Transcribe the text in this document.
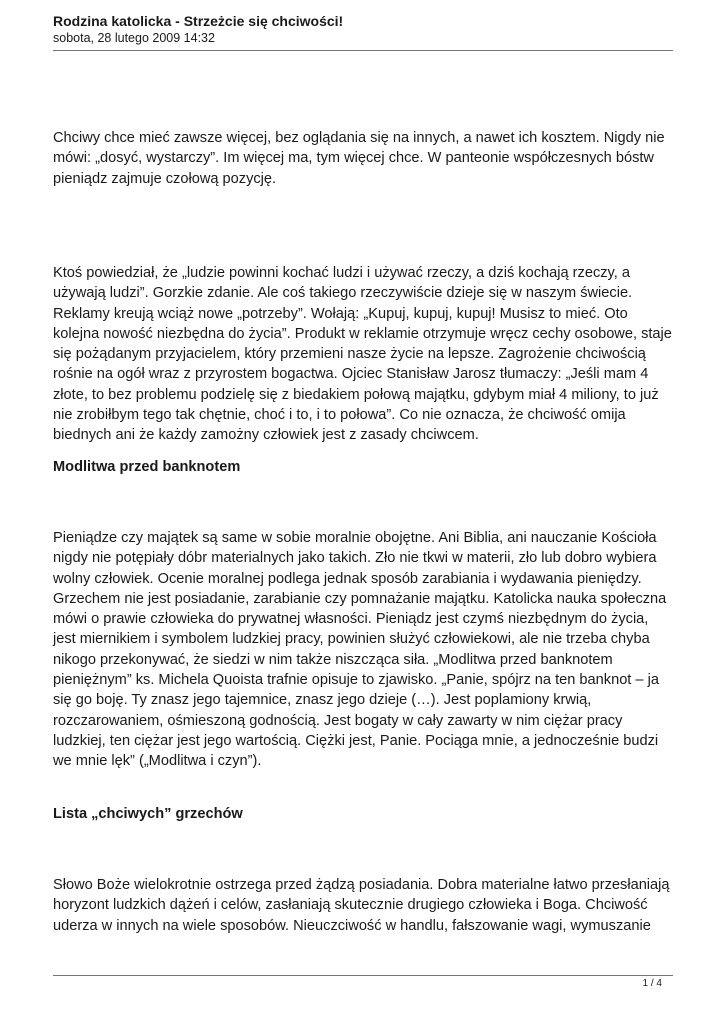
Rodzina katolicka - Strzeżcie się chciwości!

sobota, 28 lutego 2009 14:32

Chciwy chce mieć zawsze więcej, bez oglądania się na innych, a nawet ich kosztem. Nigdy nie mówi: „dosyć, wystarczy”. Im więcej ma, tym więcej chce. W panteonie współczesnych bóstw pieniądz zajmuje czołową pozycję.

Ktoś powiedział, że „ludzie powinni kochać ludzi i używać rzeczy, a dziś kochają rzeczy, a używają ludzi”. Gorzkie zdanie. Ale coś takiego rzeczywiście dzieje się w naszym świecie. Reklamy kreują wciąż nowe „potrzeby”. Wołają: „Kupuj, kupuj, kupuj! Musisz to mieć. Oto kolejna nowość niezbędna do życia”. Produkt w reklamie otrzymuje wręcz cechy osobowe, staje się pożądanym przyjacielem, który przemieni nasze życie na lepsze. Zagrożenie chciwością rośnie na ogół wraz z przyrostem bogactwa. Ojciec Stanisław Jarosz tłumaczy: „Jeśli mam 4 złote, to bez problemu podzielę się z biedakiem połową majątku, gdybym miał 4 miliony, to już nie zrobiłbym tego tak chętnie, choć i to, i to połowa”. Co nie oznacza, że chciwość omija biednych ani że każdy zamożny człowiek jest z zasady chciwcem.

Modlitwa przed banknotem

Pieniądze czy majątek są same w sobie moralnie obojętne. Ani Biblia, ani nauczanie Kościoła nigdy nie potępiały dóbr materialnych jako takich. Zło nie tkwi w materii, zło lub dobro wybiera wolny człowiek. Ocenie moralnej podlega jednak sposób zarabiania i wydawania pieniędzy. Grzechem nie jest posiadanie, zarabianie czy pomnażanie majątku. Katolicka nauka społeczna mówi o prawie człowieka do prywatnej własności. Pieniądz jest czymś niezbędnym do życia, jest miernikiem i symbolem ludzkiej pracy, powinien służyć człowiekowi, ale nie trzeba chyba nikogo przekonywać, że siedzi w nim także niszcząca siła. „Modlitwa przed banknotem pieniężnym” ks. Michela Quoista trafnie opisuje to zjawisko. „Panie, spójrz na ten banknot – ja się go boję. Ty znasz jego tajemnice, znasz jego dzieje (…). Jest poplamiony krwią, rozczarowaniem, ośmieszoną godnością. Jest bogaty w cały zawarty w nim ciężar pracy ludzkiej, ten ciężar jest jego wartością. Ciężki jest, Panie. Pociąga mnie, a jednocześnie budzi we mnie lęk” („Modlitwa i czyn”).

Lista „chciwych” grzechów

Słowo Boże wielokrotnie ostrzega przed żądzą posiadania. Dobra materialne łatwo przesłaniają horyzont ludzkich dążeń i celów, zasłaniają skutecznie drugiego człowieka i Boga. Chciwość uderza w innych na wiele sposobów. Nieuczciwość w handlu, fałszowanie wagi, wymuszanie

1 / 4
